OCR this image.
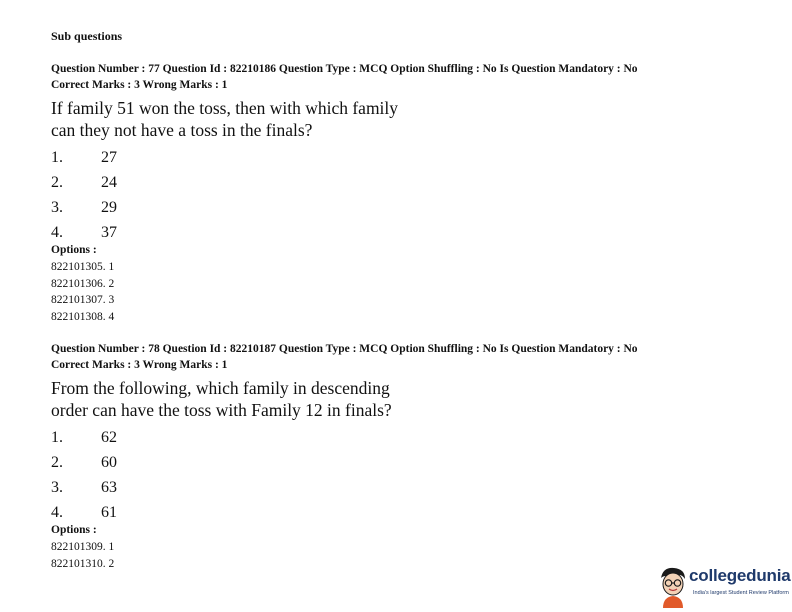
Sub questions
Question Number : 77 Question Id : 82210186 Question Type : MCQ Option Shuffling : No Is Question Mandatory : No
Correct Marks : 3 Wrong Marks : 1
If family 51 won the toss, then with which family
can they not have a toss in the finals?
1. 27
2. 24
3. 29
4. 37
Options :
822101305. 1
822101306. 2
822101307. 3
822101308. 4
Question Number : 78 Question Id : 82210187 Question Type : MCQ Option Shuffling : No Is Question Mandatory : No
Correct Marks : 3 Wrong Marks : 1
From the following, which family in descending
order can have the toss with Family 12 in finals?
1. 62
2. 60
3. 63
4. 61
Options :
822101309. 1
822101310. 2
collegedunia
India's largest Student Review Platform
